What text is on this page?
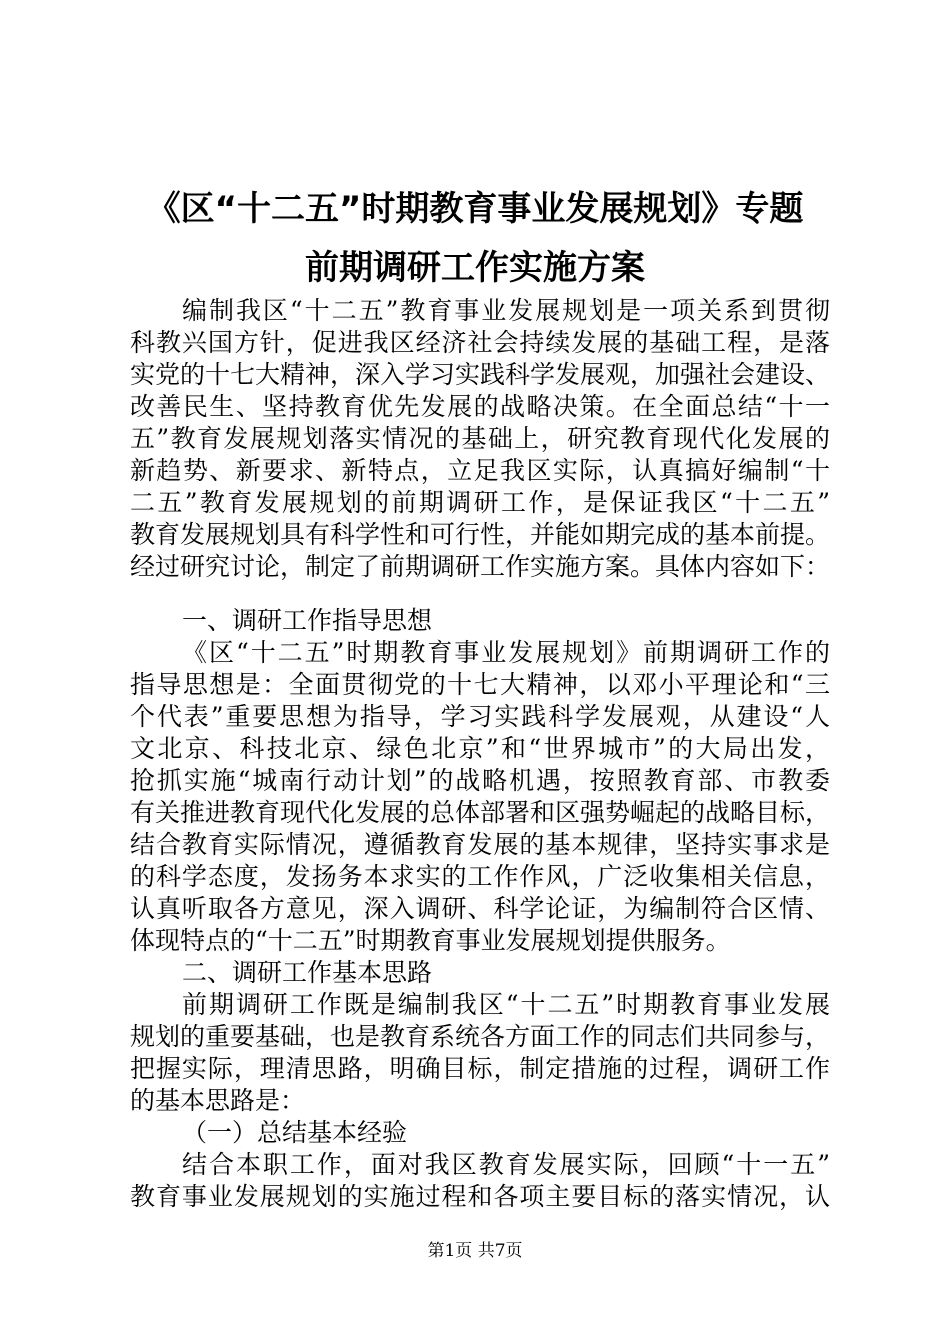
《区“十二五”时期教育事业发展规划》专题
前期调研工作实施方案
编制我区“十二五”教育事业发展规划是一项关系到贯彻
科教兴国方针，促进我区经济社会持续发展的基础工程，是落
实党的十七大精神，深入学习实践科学发展观，加强社会建设、
改善民生、坚持教育优先发展的战略决策。在全面总结“十一
五”教育发展规划落实情况的基础上，研究教育现代化发展的
新趋势、新要求、新特点，立足我区实际，认真搞好编制“十
二五”教育发展规划的前期调研工作，是保证我区“十二五”
教育发展规划具有科学性和可行性，并能如期完成的基本前提。
经过研究讨论，制定了前期调研工作实施方案。具体内容如下：
一、调研工作指导思想
《区“十二五”时期教育事业发展规划》前期调研工作的
指导思想是：全面贯彻党的十七大精神，以邓小平理论和“三
个代表”重要思想为指导，学习实践科学发展观，从建设“人
文北京、科技北京、绿色北京”和“世界城市”的大局出发，
抢抓实施“城南行动计划”的战略机遇，按照教育部、市教委
有关推进教育现代化发展的总体部署和区强势崛起的战略目标，
结合教育实际情况，遵循教育发展的基本规律，坚持实事求是
的科学态度，发扬务本求实的工作作风，广泛收集相关信息，
认真听取各方意见，深入调研、科学论证，为编制符合区情、
体现特点的“十二五”时期教育事业发展规划提供服务。
二、调研工作基本思路
前期调研工作既是编制我区“十二五”时期教育事业发展
规划的重要基础，也是教育系统各方面工作的同志们共同参与，
把握实际，理清思路，明确目标，制定措施的过程，调研工作
的基本思路是：
（一）总结基本经验
结合本职工作，面对我区教育发展实际，回顾“十一五”
教育事业发展规划的实施过程和各项主要目标的落实情况，认
第1页 共7页
